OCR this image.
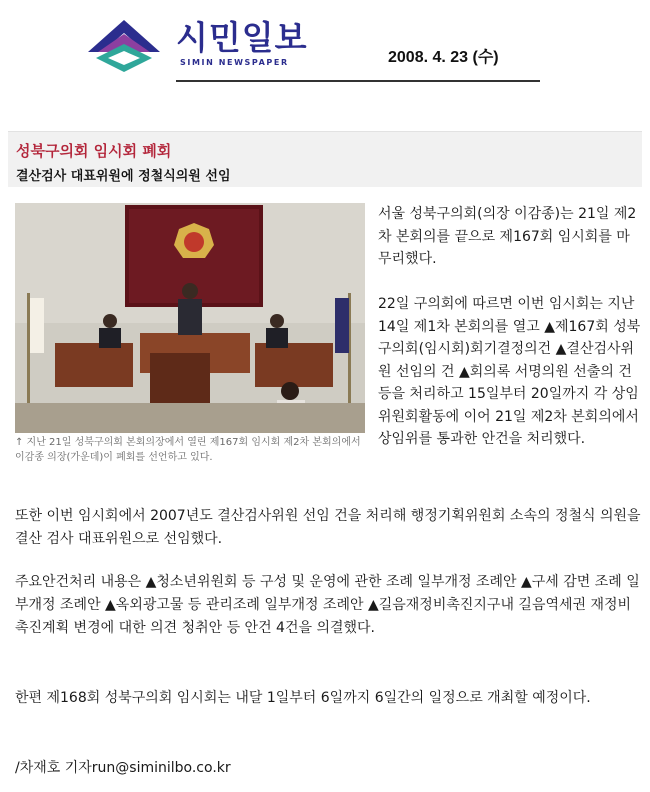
시민일보
SIMIN NEWSPAPER	2008. 4. 23 (수)
성북구의회 임시회 폐회
결산검사 대표위원에 정철식의원 선임
↑ 지난 21일 성북구의회 본회의장에서 열린 제167회 임시회 제2차 본회의에서 이감종 의장(가운데)이 폐회를 선언하고 있다.

서울 성북구의회(의장 이감종)는 21일 제2차 본회의를 끝으로 제167회 임시회를 마무리했다.

22일 구의회에 따르면 이번 임시회는 지난 14일 제1차 본회의를 열고 ▲제167회 성북구의회(임시회)회기결정의건 ▲결산검사위원 선임의 건 ▲회의록 서명의원 선출의 건 등을 처리하고 15일부터 20일까지 각 상임위원회활동에 이어 21일 제2차 본회의에서 상임위를 통과한 안건을 처리했다.

또한 이번 임시회에서 2007년도 결산검사위원 선임 건을 처리해 행정기획위원회 소속의 정철식 의원을 결산 검사 대표위원으로 선임했다.

주요안건처리 내용은 ▲청소년위원회 등 구성 및 운영에 관한 조례 일부개정 조례안 ▲구세 감면 조례 일부개정 조례안 ▲옥외광고물 등 관리조례 일부개정 조례안 ▲길음재정비촉진지구내 길음역세권 재정비촉진계획 변경에 대한 의견 청취안 등 안건 4건을 의결했다.

한편 제168회 성북구의회 임시회는 내달 1일부터 6일까지 6일간의 일정으로 개최할 예정이다.

/차재호 기자run@siminilbo.co.kr
